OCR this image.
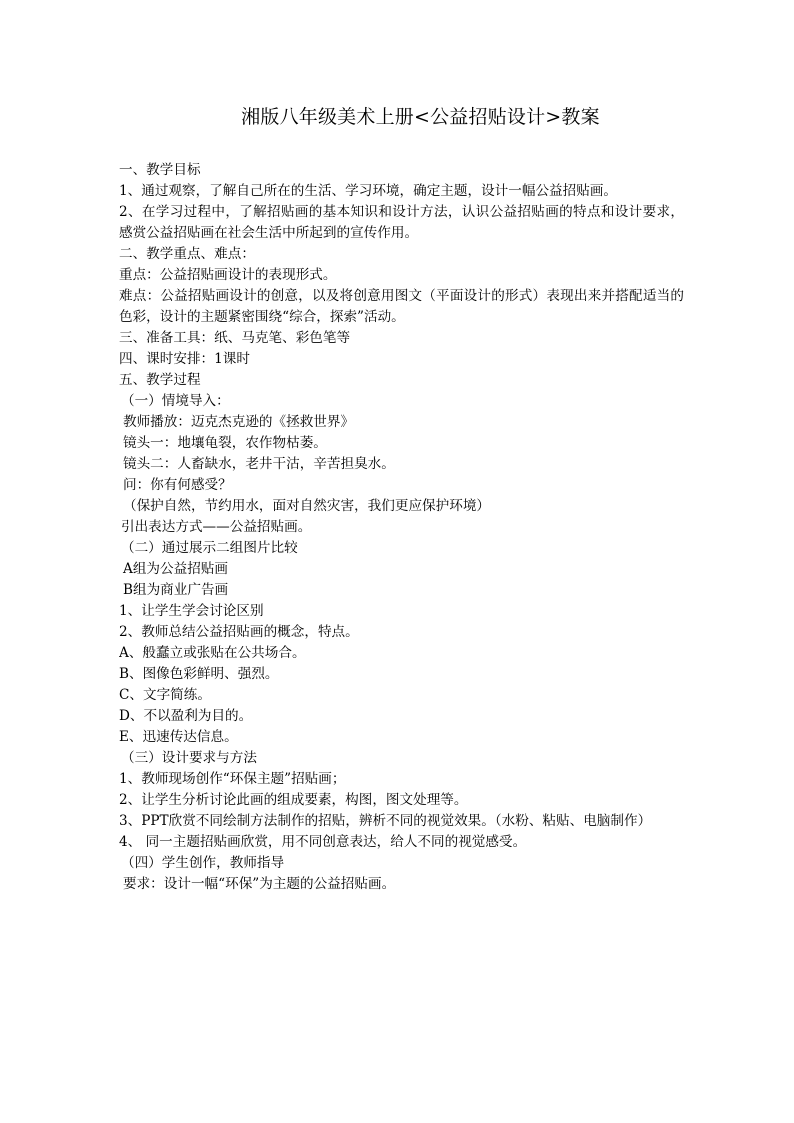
湘版八年级美术上册<公益招贴设计>教案
一、教学目标
1、通过观察，了解自己所在的生活、学习环境，确定主题，设计一幅公益招贴画。
2、在学习过程中，了解招贴画的基本知识和设计方法，认识公益招贴画的特点和设计要求，感赏公益招贴画在社会生活中所起到的宣传作用。
二、教学重点、难点：
重点：公益招贴画设计的表现形式。
难点：公益招贴画设计的创意，以及将创意用图文（平面设计的形式）表现出来并搭配适当的色彩，设计的主题紧密围绕“综合，探索”活动。
三、准备工具：纸、马克笔、彩色笔等
四、课时安排：1课时
五、教学过程
（一）情境导入：
教师播放：迈克杰克逊的《拯救世界》
镜头一：地壤龟裂，农作物枯萎。
镜头二：人畜缺水，老井干沽，辛苦担臭水。
问：你有何感受？
（保护自然，节约用水，面对自然灾害，我们更应保护环境）
引出表达方式——公益招贴画。
（二）通过展示二组图片比较
A组为公益招贴画
B组为商业广告画
1、让学生学会讨论区别
2、教师总结公益招贴画的概念，特点。
A、般蠢立或张贴在公共场合。
B、图像色彩鲜明、强烈。
C、文字简练。
D、不以盈利为目的。
E、迅速传达信息。
（三）设计要求与方法
1、教师现场创作“环保主题”招贴画；
2、让学生分析讨论此画的组成要素，构图，图文处理等。
3、PPT欣赏不同绘制方法制作的招贴，辨析不同的视觉效果。（水粉、粘贴、电脑制作）
4、 同一主题招贴画欣赏，用不同创意表达，给人不同的视觉感受。
（四）学生创作，教师指导
要求：设计一幅“环保”为主题的公益招贴画。
